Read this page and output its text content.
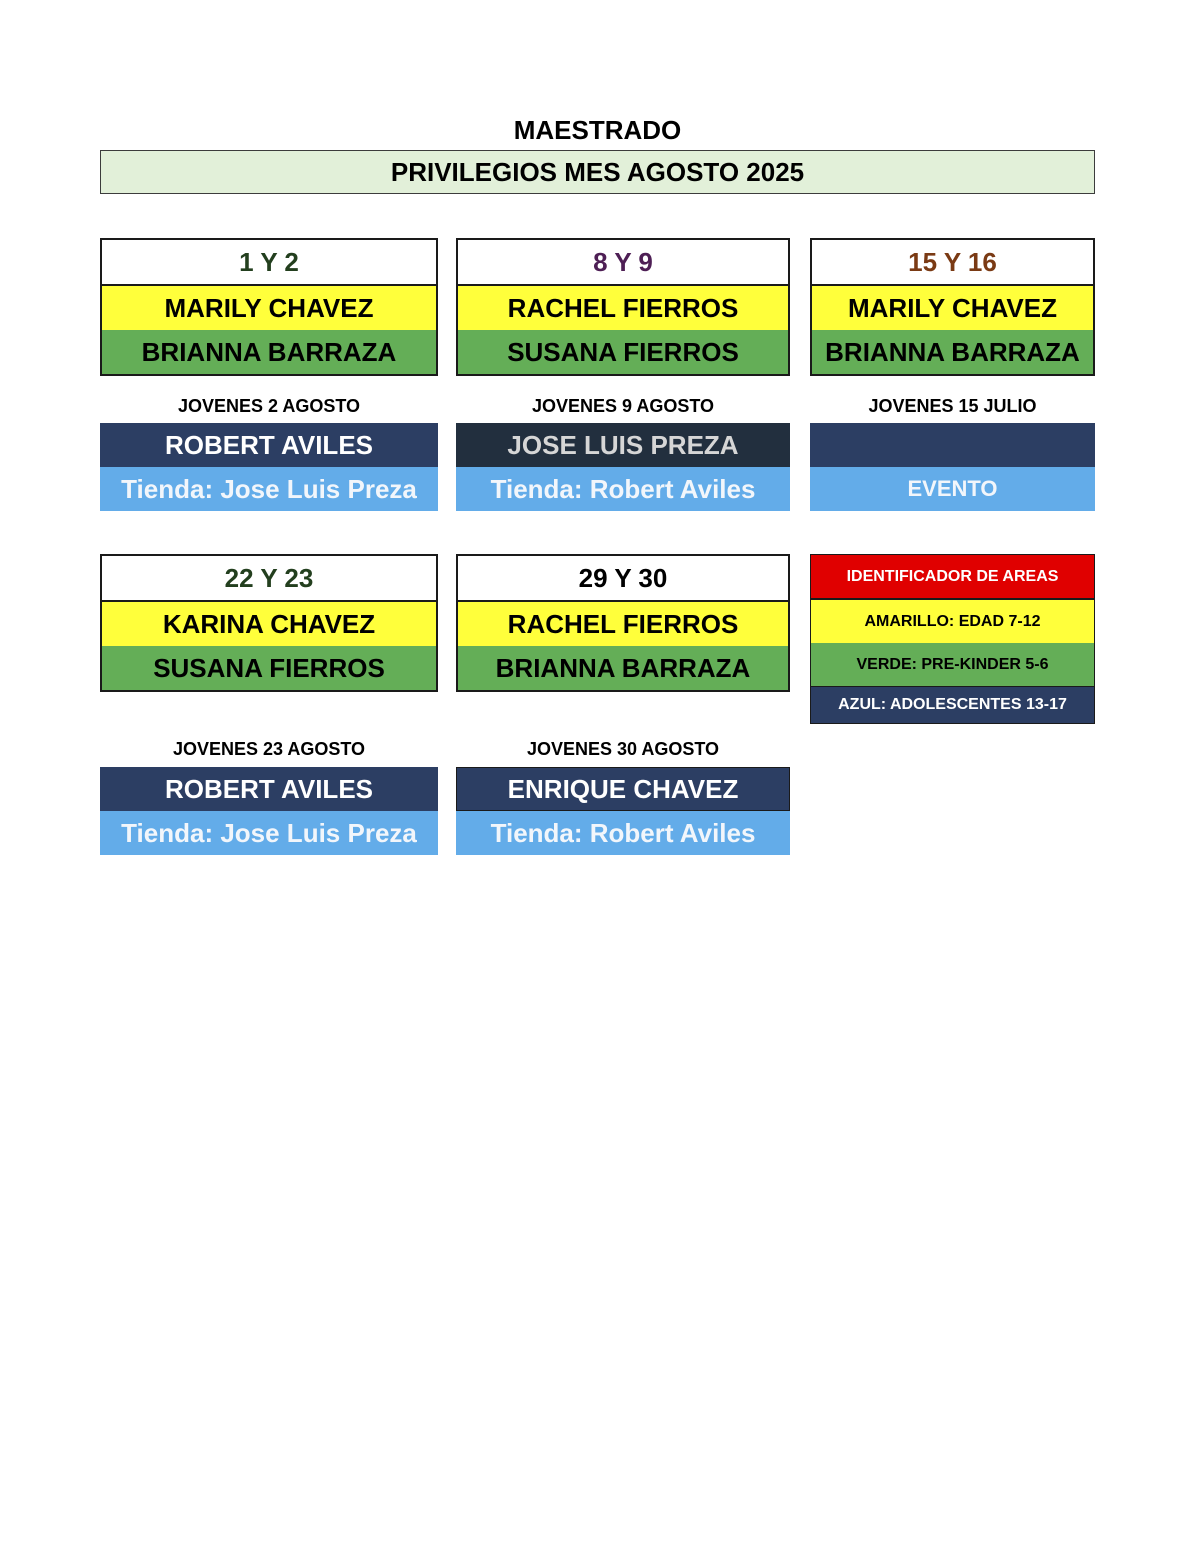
MAESTRADO
PRIVILEGIOS MES AGOSTO 2025
1 Y 2
MARILY CHAVEZ
BRIANNA BARRAZA
8 Y 9
RACHEL FIERROS
SUSANA FIERROS
15 Y 16
MARILY CHAVEZ
BRIANNA BARRAZA
JOVENES 2 AGOSTO
ROBERT AVILES
Tienda: Jose Luis Preza
JOVENES 9 AGOSTO
JOSE LUIS PREZA
Tienda: Robert Aviles
JOVENES 15 JULIO
EVENTO
22 Y 23
KARINA CHAVEZ
SUSANA FIERROS
29 Y 30
RACHEL FIERROS
BRIANNA BARRAZA
IDENTIFICADOR DE AREAS
AMARILLO: EDAD 7-12
VERDE: PRE-KINDER 5-6
AZUL: ADOLESCENTES 13-17
JOVENES 23 AGOSTO
ROBERT AVILES
Tienda: Jose Luis Preza
JOVENES 30 AGOSTO
ENRIQUE CHAVEZ
Tienda: Robert Aviles
